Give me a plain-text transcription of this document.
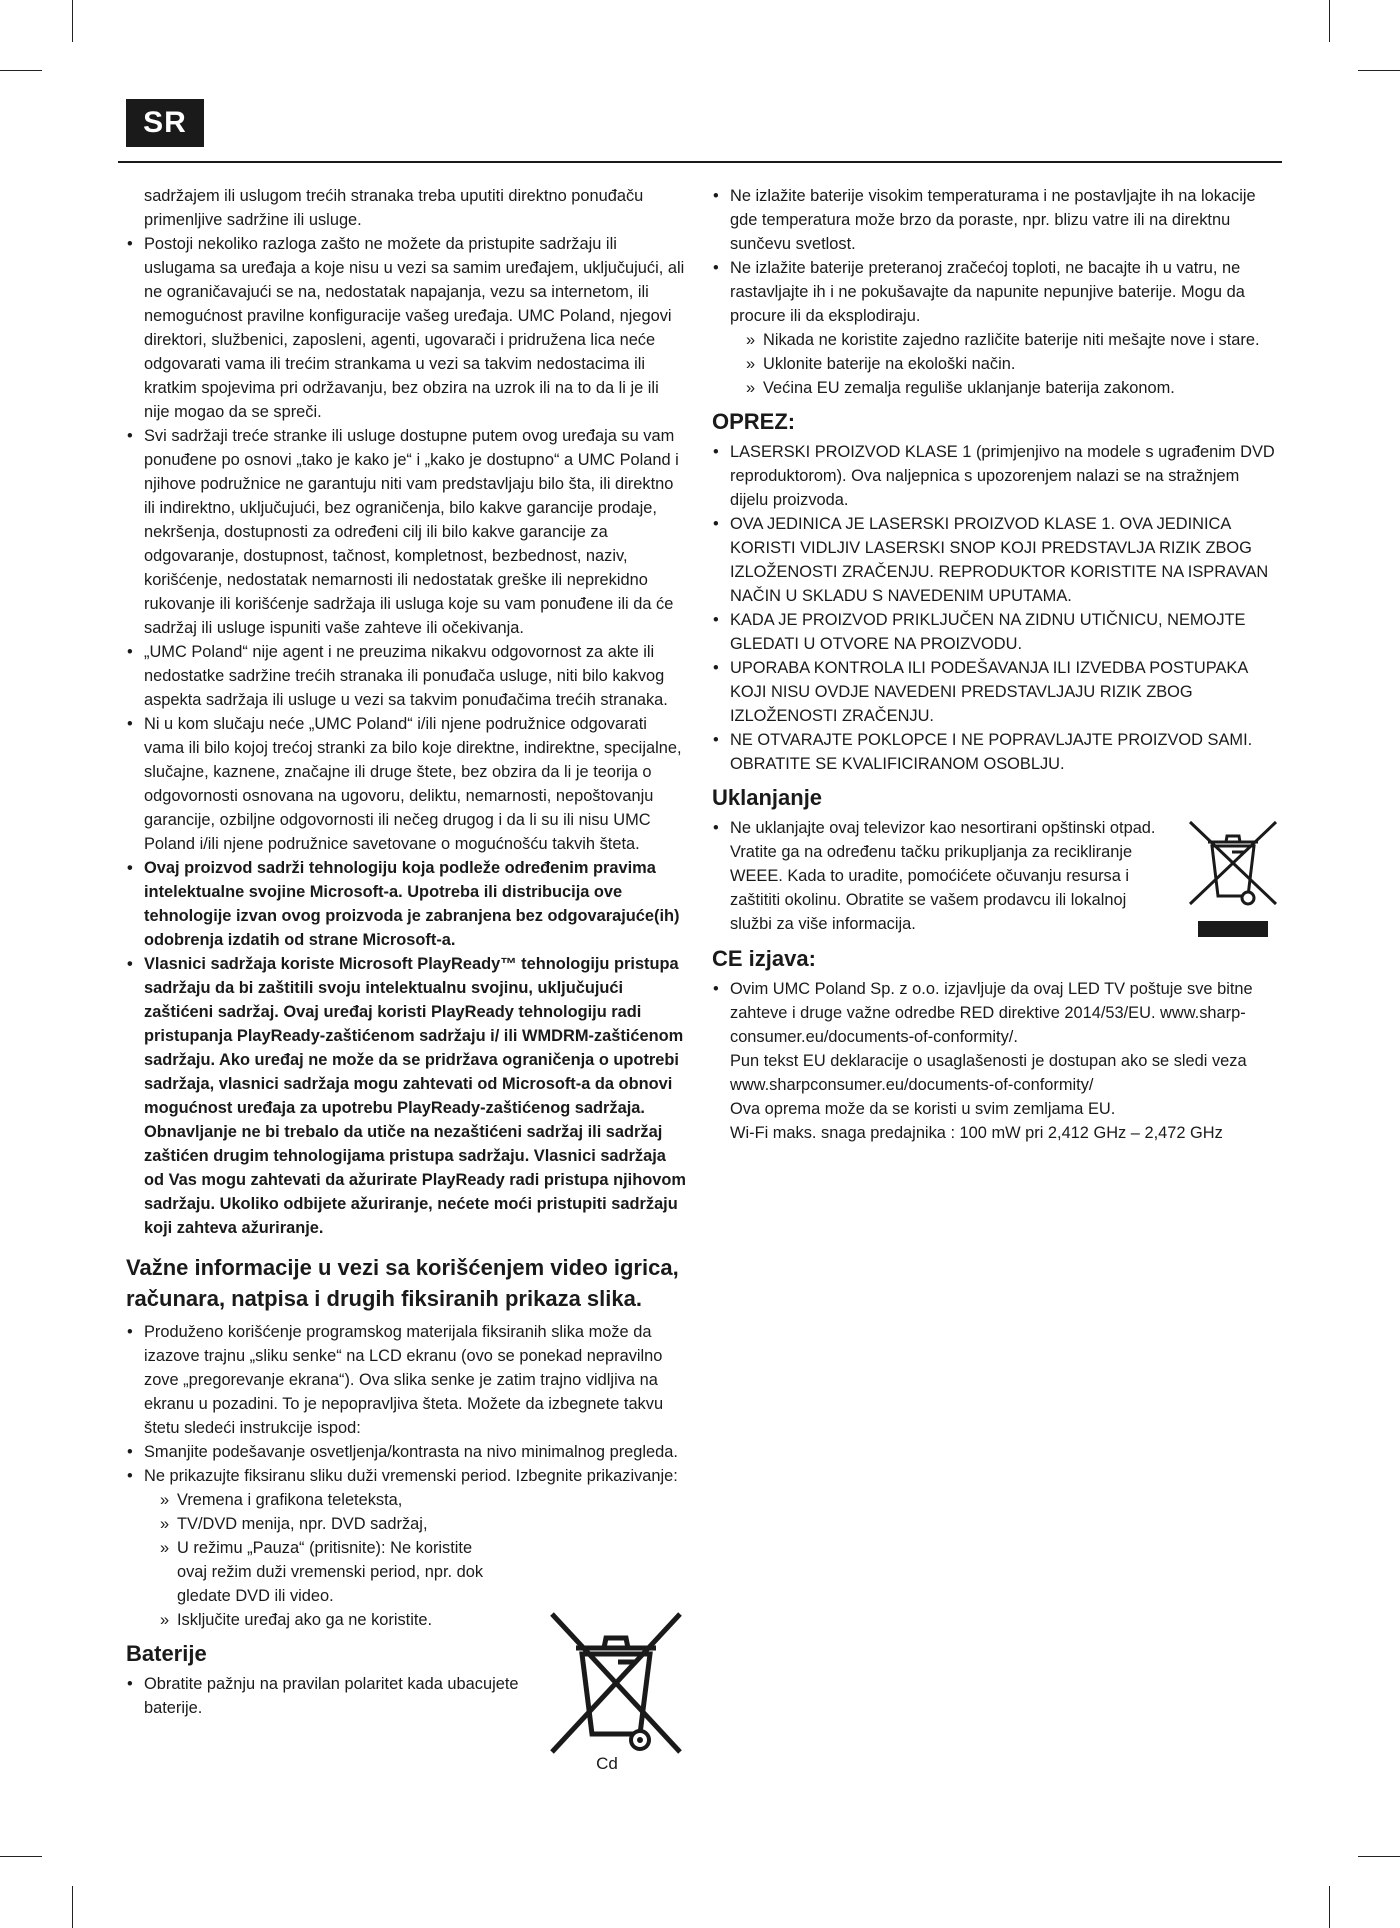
SR
sadržajem ili uslugom trećih stranaka treba uputiti direktno ponuđaču primenljive sadržine ili usluge.
• Postoji nekoliko razloga zašto ne možete da pristupite sadržaju ili uslugama sa uređaja a koje nisu u vezi sa samim uređajem, uključujući, ali ne ograničavajući se na, nedostatak napajanja, vezu sa internetom, ili nemogućnost pravilne konfiguracije vašeg uređaja. UMC Poland, njegovi direktori, službenici, zaposleni, agenti, ugovarači i pridružena lica neće odgovarati vama ili trećim strankama u vezi sa takvim nedostacima ili kratkim spojevima pri održavanju, bez obzira na uzrok ili na to da li je ili nije mogao da se spreči.
• Svi sadržaji treće stranke ili usluge dostupne putem ovog uređaja su vam ponuđene po osnovi „tako je kako je“ i „kako je dostupno“ a UMC Poland i njihove podružnice ne garantuju niti vam predstavljaju bilo šta, ili direktno ili indirektno, uključujući, bez ograničenja, bilo kakve garancije prodaje, nekršenja, dostupnosti za određeni cilj ili bilo kakve garancije za odgovaranje, dostupnost, tačnost, kompletnost, bezbednost, naziv, korišćenje, nedostatak nemarnosti ili nedostatak greške ili neprekidno rukovanje ili korišćenje sadržaja ili usluga koje su vam ponuđene ili da će sadržaj ili usluge ispuniti vaše zahteve ili očekivanja.
• „UMC Poland“ nije agent i ne preuzima nikakvu odgovornost za akte ili nedostatke sadržine trećih stranaka ili ponuđača usluge, niti bilo kakvog aspekta sadržaja ili usluge u vezi sa takvim ponuđačima trećih stranaka.
• Ni u kom slučaju neće „UMC Poland“ i/ili njene podružnice odgovarati vama ili bilo kojoj trećoj stranki za bilo koje direktne, indirektne, specijalne, slučajne, kaznene, značajne ili druge štete, bez obzira da li je teorija o odgovornosti osnovana na ugovoru, deliktu, nemarnosti, nepoštovanju garancije, ozbiljne odgovornosti ili nečeg drugog i da li su ili nisu UMC Poland i/ili njene podružnice savetovane o mogućnošću takvih šteta.
• Ovaj proizvod sadrži tehnologiju koja podleže određenim pravima intelektualne svojine Microsoft-a. Upotreba ili distribucija ove tehnologije izvan ovog proizvoda je zabranjena bez odgovarajuće(ih) odobrenja izdatih od strane Microsoft-a.
• Vlasnici sadržaja koriste Microsoft PlayReady™ tehnologiju pristupa sadržaju da bi zaštitili svoju intelektualnu svojinu, uključujući zaštićeni sadržaj. Ovaj uređaj koristi PlayReady tehnologiju radi pristupanja PlayReady-zaštićenom sadržaju i/ ili WMDRM-zaštićenom sadržaju. Ako uređaj ne može da se pridržava ograničenja o upotrebi sadržaja, vlasnici sadržaja mogu zahtevati od Microsoft-a da obnovi mogućnost uređaja za upotrebu PlayReady-zaštićenog sadržaja. Obnavljanje ne bi trebalo da utiče na nezaštićeni sadržaj ili sadržaj zaštićen drugim tehnologijama pristupa sadržaju. Vlasnici sadržaja od Vas mogu zahtevati da ažurirate PlayReady radi pristupa njihovom sadržaju. Ukoliko odbijete ažuriranje, nećete moći pristupiti sadržaju koji zahteva ažuriranje.
Važne informacije u vezi sa korišćenjem video igrica, računara, natpisa i drugih fiksiranih prikaza slika.
• Produženo korišćenje programskog materijala fiksiranih slika može da izazove trajnu „sliku senke“ na LCD ekranu (ovo se ponekad nepravilno zove „pregorevanje ekrana“). Ova slika senke je zatim trajno vidljiva na ekranu u pozadini. To je nepopravljiva šteta. Možete da izbegnete takvu štetu sledeći instrukcije ispod:
• Smanjite podešavanje osvetljenja/kontrasta na nivo minimalnog pregleda.
• Ne prikazujte fiksiranu sliku duži vremenski period. Izbegnite prikazivanje:
» Vremena i grafikona teleteksta,
» TV/DVD menija, npr. DVD sadržaj,
» U režimu „Pauza“ (pritisnite): Ne koristite ovaj režim duži vremenski period, npr. dok gledate DVD ili video.
» Isključite uređaj ako ga ne koristite.
Baterije
• Obratite pažnju na pravilan polaritet kada ubacujete baterije.
Cd
• Ne izlažite baterije visokim temperaturama i ne postavljajte ih na lokacije gde temperatura može brzo da poraste, npr. blizu vatre ili na direktnu sunčevu svetlost.
• Ne izlažite baterije preteranoj zračećoj toploti, ne bacajte ih u vatru, ne rastavljajte ih i ne pokušavajte da napunite nepunjive baterije. Mogu da procure ili da eksplodiraju.
» Nikada ne koristite zajedno različite baterije niti mešajte nove i stare.
» Uklonite baterije na ekološki način.
» Većina EU zemalja reguliše uklanjanje baterija zakonom.
OPREZ:
• LASERSKI PROIZVOD KLASE 1 (primjenjivo na modele s ugrađenim DVD reproduktorom). Ova naljepnica s upozorenjem nalazi se na stražnjem dijelu proizvoda.
• OVA JEDINICA JE LASERSKI PROIZVOD KLASE 1. OVA JEDINICA KORISTI VIDLJIV LASERSKI SNOP KOJI PREDSTAVLJA RIZIK ZBOG IZLOŽENOSTI ZRAČENJU. REPRODUKTOR KORISTITE NA ISPRAVAN NAČIN U SKLADU S NAVEDENIM UPUTAMA.
• KADA JE PROIZVOD PRIKLJUČEN NA ZIDNU UTIČNICU, NEMOJTE GLEDATI U OTVORE NA PROIZVODU.
• UPORABA KONTROLA ILI PODEŠAVANJA ILI IZVEDBA POSTUPAKA KOJI NISU OVDJE NAVEDENI PREDSTAVLJAJU RIZIK ZBOG IZLOŽENOSTI ZRAČENJU.
• NE OTVARAJTE POKLOPCE I NE POPRAVLJAJTE PROIZVOD SAMI. OBRATITE SE KVALIFICIRANOM OSOBLJU.
Uklanjanje
• Ne uklanjajte ovaj televizor kao nesortirani opštinski otpad. Vratite ga na određenu tačku prikupljanja za recikliranje WEEE. Kada to uradite, pomoćićete očuvanju resursa i zaštititi okolinu. Obratite se vašem prodavcu ili lokalnoj službi za više informacija.
CE izjava:
• Ovim UMC Poland Sp. z o.o. izjavljuje da ovaj LED TV poštuje sve bitne zahteve i druge važne odredbe RED direktive 2014/53/EU. www.sharp-consumer.eu/documents-of-conformity/.
Pun tekst EU deklaracije o usaglašenosti je dostupan ako se sledi veza www.sharpconsumer.eu/documents-of-conformity/
Ova oprema može da se koristi u svim zemljama EU.
Wi-Fi maks. snaga predajnika : 100 mW pri 2,412 GHz – 2,472 GHz
